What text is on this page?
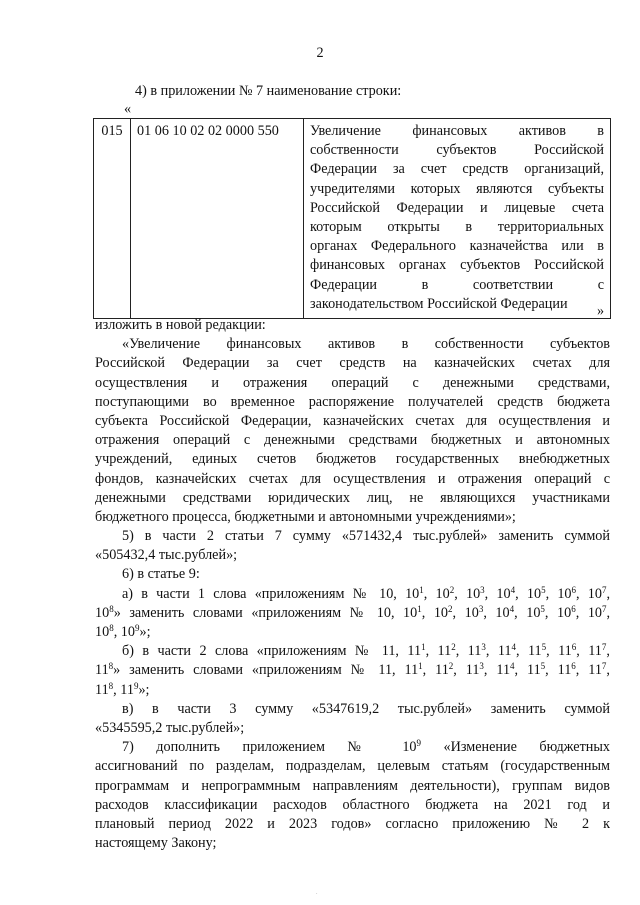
2
4) в приложении № 7 наименование строки:
«
015	01 06 10 02 02 0000 550	Увеличение финансовых активов в
собственности субъектов Российской
Федерации за счет средств организаций,
учредителями которых являются субъекты
Российской Федерации и лицевые счета
которым открыты в территориальных
органах Федерального казначейства или в
финансовых органах субъектов Российской
Федерации в соответствии с
законодательством Российской Федерации	»
изложить в новой редакции:
«Увеличение финансовых активов в собственности субъектов
Российской Федерации за счет средств на казначейских счетах для
осуществления и отражения операций с денежными средствами,
поступающими во временное распоряжение получателей средств бюджета
субъекта Российской Федерации, казначейских счетах для осуществления и
отражения операций с денежными средствами бюджетных и автономных
учреждений, единых счетов бюджетов государственных внебюджетных
фондов, казначейских счетах для осуществления и отражения операций с
денежными средствами юридических лиц, не являющихся участниками
бюджетного процесса, бюджетными и автономными учреждениями»;
5) в части 2 статьи 7 сумму «571432,4 тыс.рублей» заменить суммой
«505432,4 тыс.рублей»;
6) в статье 9:
а) в части 1 слова «приложениям № 10, $10^1$, $10^2$, $10^3$, $10^4$, $10^5$, $10^6$, $10^7$,
$10^8$» заменить словами «приложениям № 10, $10^1$, $10^2$, $10^3$, $10^4$, $10^5$, $10^6$, $10^7$,
$10^8$, $10^9$»;
б) в части 2 слова «приложениям № 11, $11^1$, $11^2$, $11^3$, $11^4$, $11^5$, $11^6$, $11^7$,
$11^8$» заменить словами «приложениям № 11, $11^1$, $11^2$, $11^3$, $11^4$, $11^5$, $11^6$, $11^7$,
$11^8$, $11^9$»;
в) в части 3 сумму «5347619,2 тыс.рублей» заменить суммой
«5345595,2 тыс.рублей»;
7) дополнить приложением № $10^9$ «Изменение бюджетных
ассигнований по разделам, подразделам, целевым статьям (государственным
программам и непрограммным направлениям деятельности), группам видов
расходов классификации расходов областного бюджета на 2021 год и
плановый период 2022 и 2023 годов» согласно приложению № 2 к
настоящему Закону;
.
